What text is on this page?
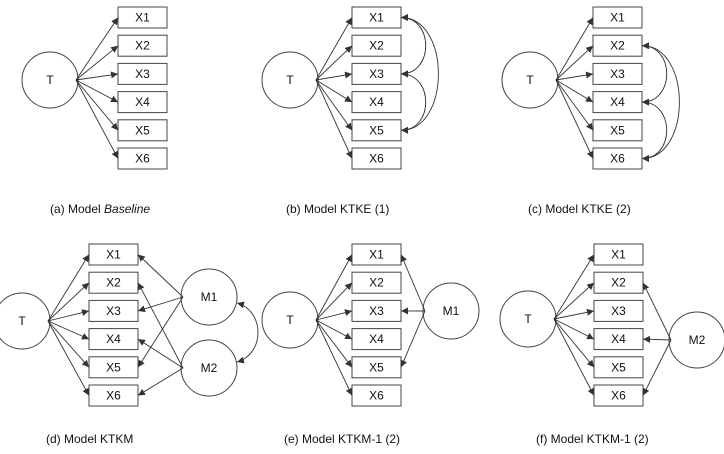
X1
X2
X3
X4
X5
X6
T
(a) Model Baseline
X1
X2
X3
X4
X5
X6
T
(b) Model KTKE (1)
X1
X2
X3
X4
X5
X6
T
(c) Model KTKE (2)
X1
X2
X3
X4
X5
X6
T
M1
M2
(d) Model KTKM
X1
X2
X3
X4
X5
X6
T
M1
(e) Model KTKM-1 (2)
X1
X2
X3
X4
X5
X6
T
M2
(f) Model KTKM-1 (2)
